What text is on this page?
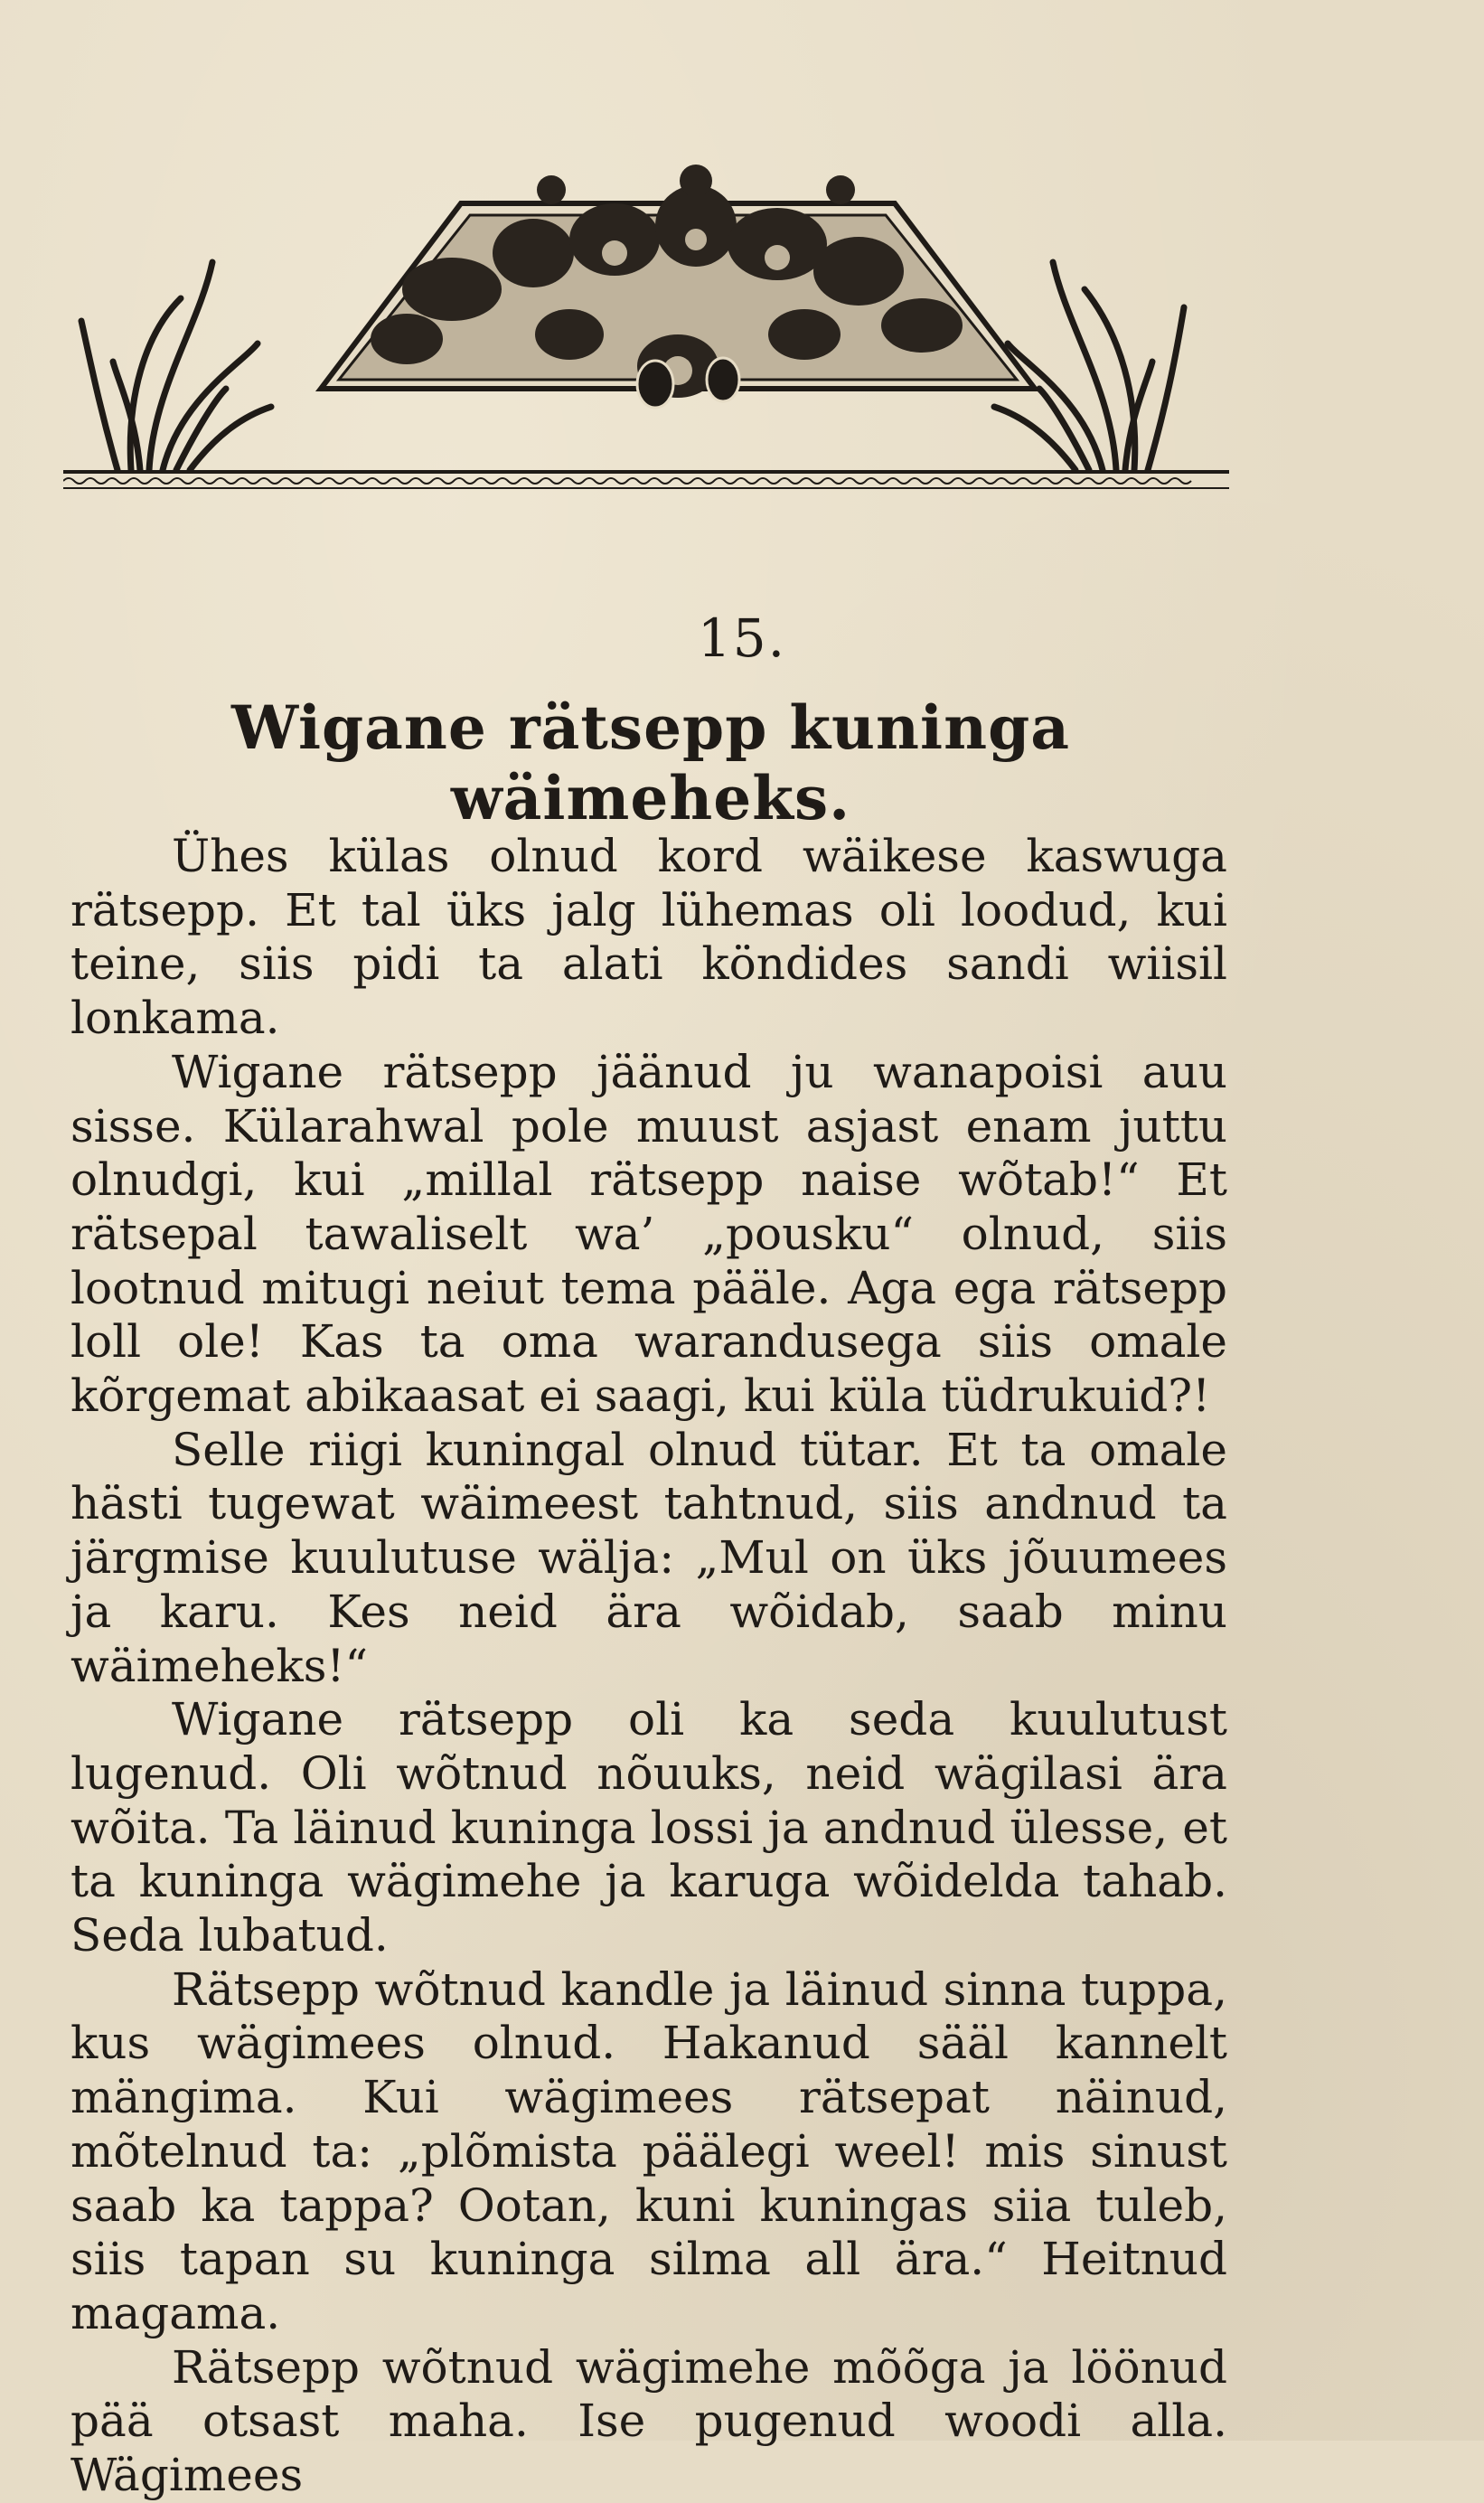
15.
Wigane rätsepp kuninga wäimeheks.

Ühes külas olnud kord wäikese kaswuga rätsepp. Et tal üks jalg lühemas oli loodud, kui teine, siis pidi ta alati köndides sandi wiisil lonkama.

Wigane rätsepp jäänud ju wanapoisi auu sisse. Külarahwal pole muust asjast enam juttu olnudgi, kui „millal rätsepp naise wõtab!“ Et rätsepal tawaliselt wa’ „pousku“ olnud, siis lootnud mitugi neiut tema pääle. Aga ega rätsepp loll ole! Kas ta oma warandusega siis omale kõrgemat abikaasat ei saagi, kui küla tüdrukuid?!

Selle riigi kuningal olnud tütar. Et ta omale hästi tugewat wäimeest tahtnud, siis andnud ta järgmise kuulutuse wälja: „Mul on üks jõuumees ja karu. Kes neid ära wõidab, saab minu wäimeheks!“

Wigane rätsepp oli ka seda kuulutust lugenud. Oli wõtnud nõuuks, neid wägilasi ära wõita. Ta läinud kuninga lossi ja andnud ülesse, et ta kuninga wägimehe ja karuga wõidelda tahab. Seda lubatud.

Rätsepp wõtnud kandle ja läinud sinna tuppa, kus wägimees olnud. Hakanud sääl kannelt mängima. Kui wägimees rätsepat näinud, mõtelnud ta: „plõmista päälegi weel! mis sinust saab ka tappa? Ootan, kuni kuningas siia tuleb, siis tapan su kuninga silma all ära.“ Heitnud magama.

Rätsepp wõtnud wägimehe mõõga ja löönud pää otsast maha. Ise pugenud woodi alla. Wägimees
